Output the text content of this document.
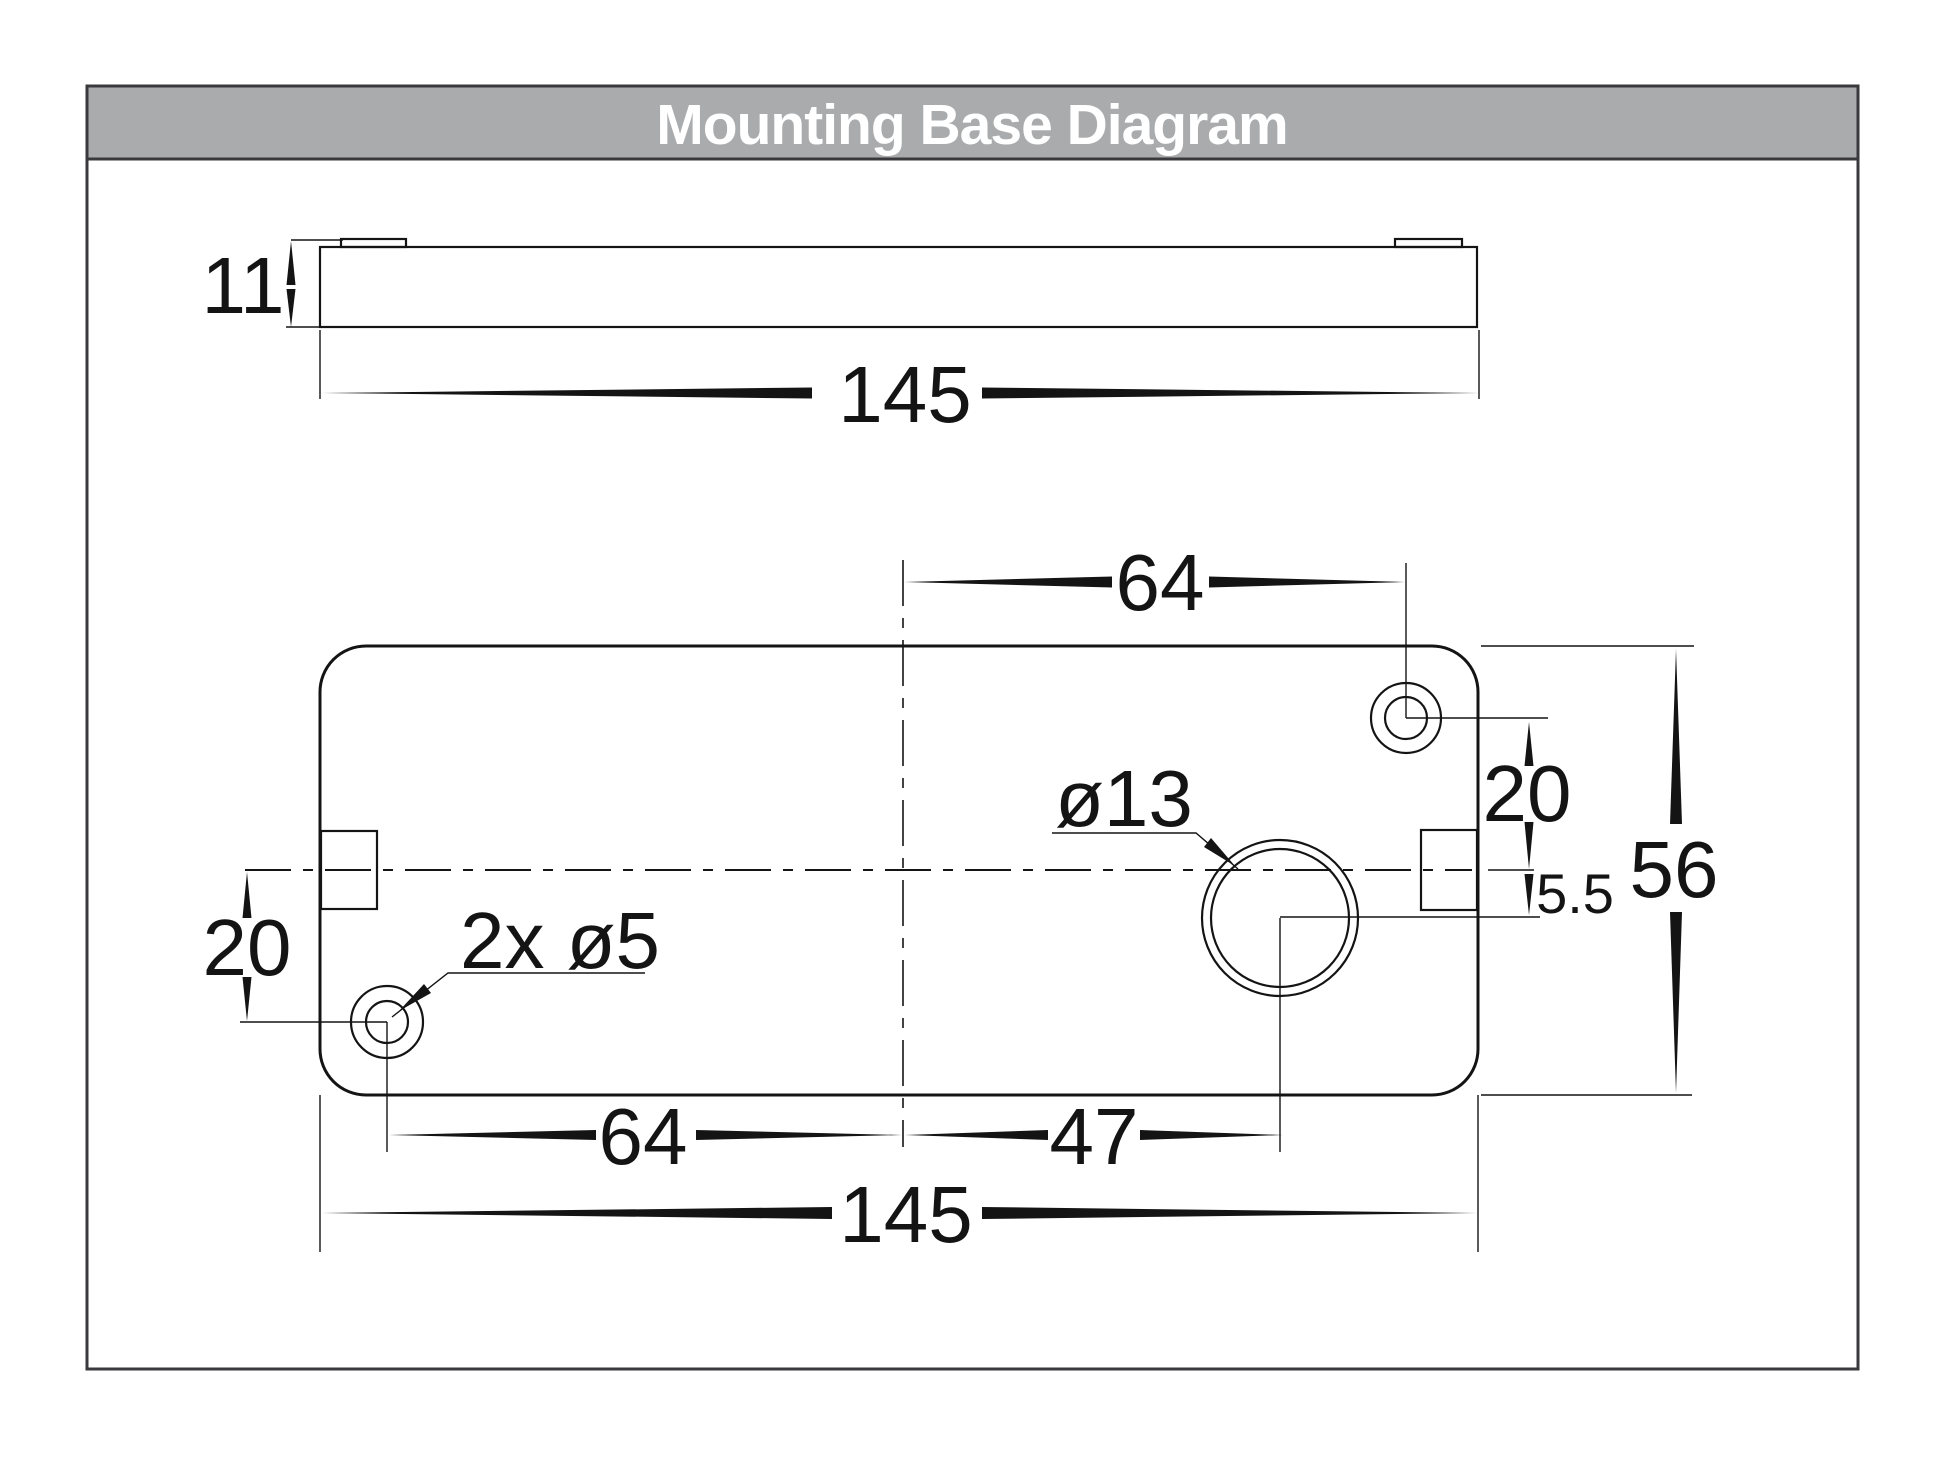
Mounting Base Diagram
11
145
64
20
5.5 56
20
64	47
145
2x ø5
ø13
